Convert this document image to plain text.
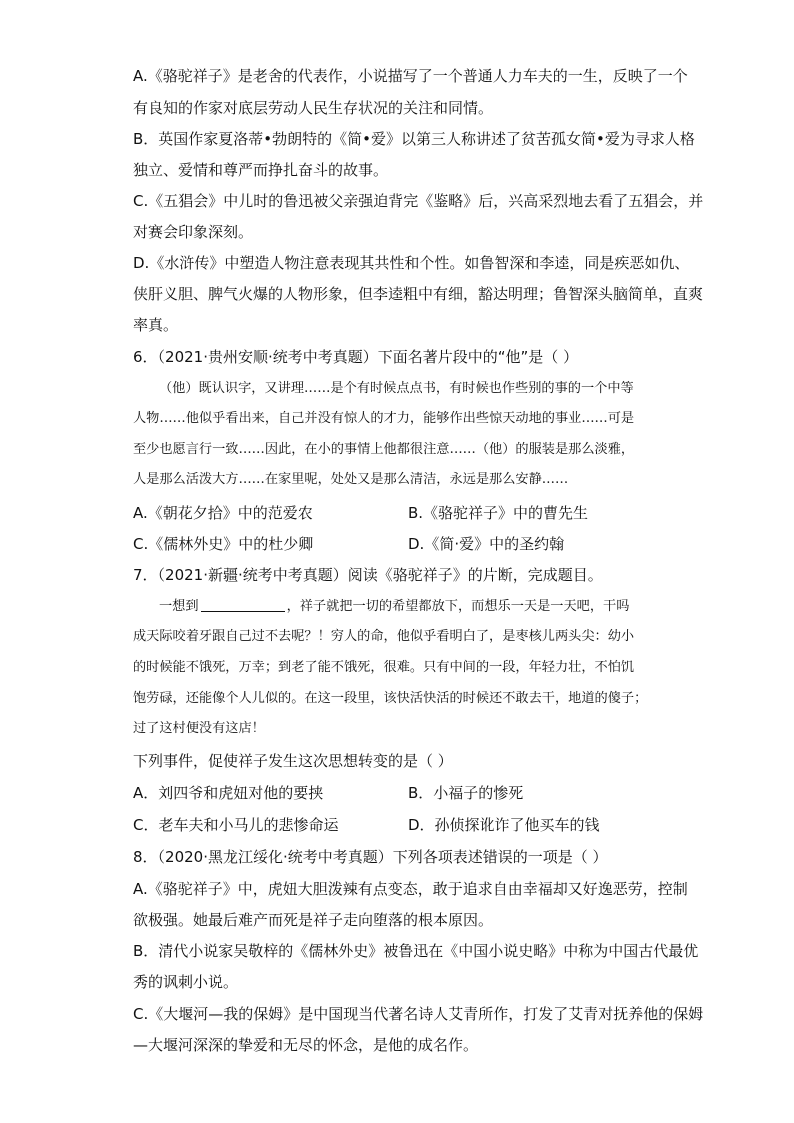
A.《骆驼祥子》是老舍的代表作，小说描写了一个普通人力车夫的一生，反映了一个
有良知的作家对底层劳动人民生存状况的关注和同情。
B．英国作家夏洛蒂•勃朗特的《简•爱》以第三人称讲述了贫苦孤女简•爱为寻求人格
独立、爱情和尊严而挣扎奋斗的故事。
C.《五猖会》中儿时的鲁迅被父亲强迫背完《鉴略》后，兴高采烈地去看了五猖会，并
对赛会印象深刻。
D.《水浒传》中塑造人物注意表现其共性和个性。如鲁智深和李逵，同是疾恶如仇、
侠肝义胆、脾气火爆的人物形象，但李逵粗中有细，豁达明理；鲁智深头脑简单，直爽
率真。
6．（2021·贵州安顺·统考中考真题）下面名著片段中的“他”是（ ）
（他）既认识字，又讲理……是个有时候点点书，有时候也作些别的事的一个中等
人物……他似乎看出来，自己并没有惊人的才力，能够作出些惊天动地的事业……可是
至少也愿言行一致……因此，在小的事情上他都很注意……（他）的服装是那么淡雅，
人是那么活泼大方……在家里呢，处处又是那么清洁，永远是那么安静……
A.《朝花夕拾》中的范爱农	B.《骆驼祥子》中的曹先生
C.《儒林外史》中的杜少卿	D.《简·爱》中的圣约翰
7．（2021·新疆·统考中考真题）阅读《骆驼祥子》的片断，完成题目。
一想到	，祥子就把一切的希望都放下，而想乐一天是一天吧，干吗
成天际咬着牙跟自己过不去呢？！穷人的命，他似乎看明白了，是枣核儿两头尖：幼小
的时候能不饿死，万幸；到老了能不饿死，很难。只有中间的一段，年轻力壮，不怕饥
饱劳碌，还能像个人儿似的。在这一段里，该快活快活的时候还不敢去干，地道的傻子；
过了这村便没有这店！
下列事件，促使祥子发生这次思想转变的是（ ）
A．刘四爷和虎妞对他的要挟	B．小福子的惨死
C．老车夫和小马儿的悲惨命运	D．孙侦探讹诈了他买车的钱
8．（2020·黑龙江绥化·统考中考真题）下列各项表述错误的一项是（ ）
A.《骆驼祥子》中，虎妞大胆泼辣有点变态，敢于追求自由幸福却又好逸恶劳，控制
欲极强。她最后难产而死是祥子走向堕落的根本原因。
B．清代小说家吴敬梓的《儒林外史》被鲁迅在《中国小说史略》中称为中国古代最优
秀的讽刺小说。
C.《大堰河—我的保姆》是中国现当代著名诗人艾青所作，打发了艾青对抚养他的保姆
—大堰河深深的挚爱和无尽的怀念，是他的成名作。
